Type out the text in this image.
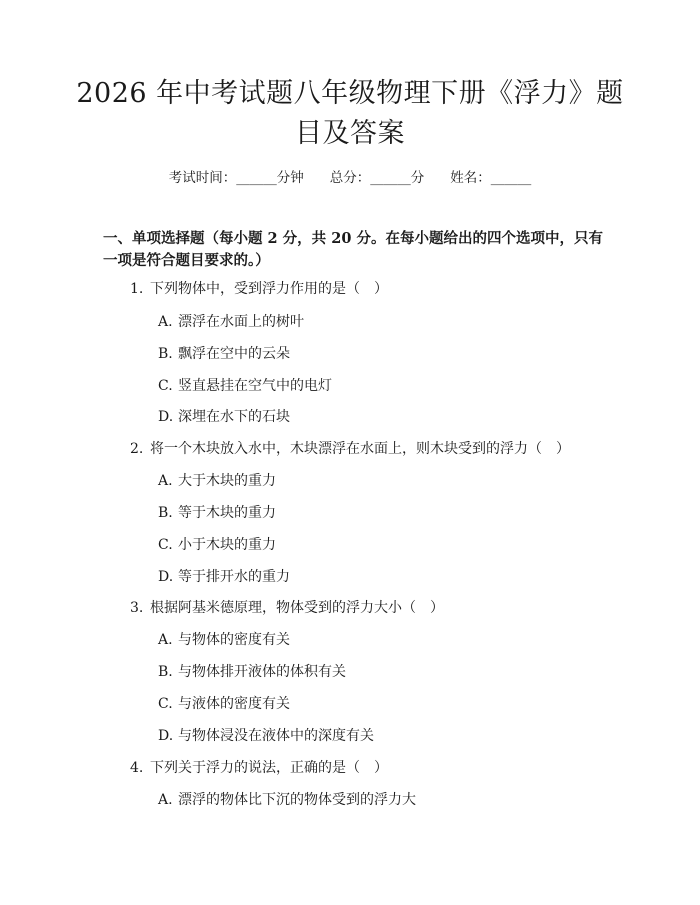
2026 年中考试题八年级物理下册《浮力》题
目及答案
考试时间：______分钟 总分：______分 姓名：______
一、单项选择题（每小题 2 分，共 20 分。在每小题给出的四个选项中，只有一项是符合题目要求的。）
1. 下列物体中，受到浮力作用的是（　）
A. 漂浮在水面上的树叶
B. 飘浮在空中的云朵
C. 竖直悬挂在空气中的电灯
D. 深埋在水下的石块
2. 将一个木块放入水中，木块漂浮在水面上，则木块受到的浮力（　）
A. 大于木块的重力
B. 等于木块的重力
C. 小于木块的重力
D. 等于排开水的重力
3. 根据阿基米德原理，物体受到的浮力大小（　）
A. 与物体的密度有关
B. 与物体排开液体的体积有关
C. 与液体的密度有关
D. 与物体浸没在液体中的深度有关
4. 下列关于浮力的说法，正确的是（　）
A. 漂浮的物体比下沉的物体受到的浮力大
